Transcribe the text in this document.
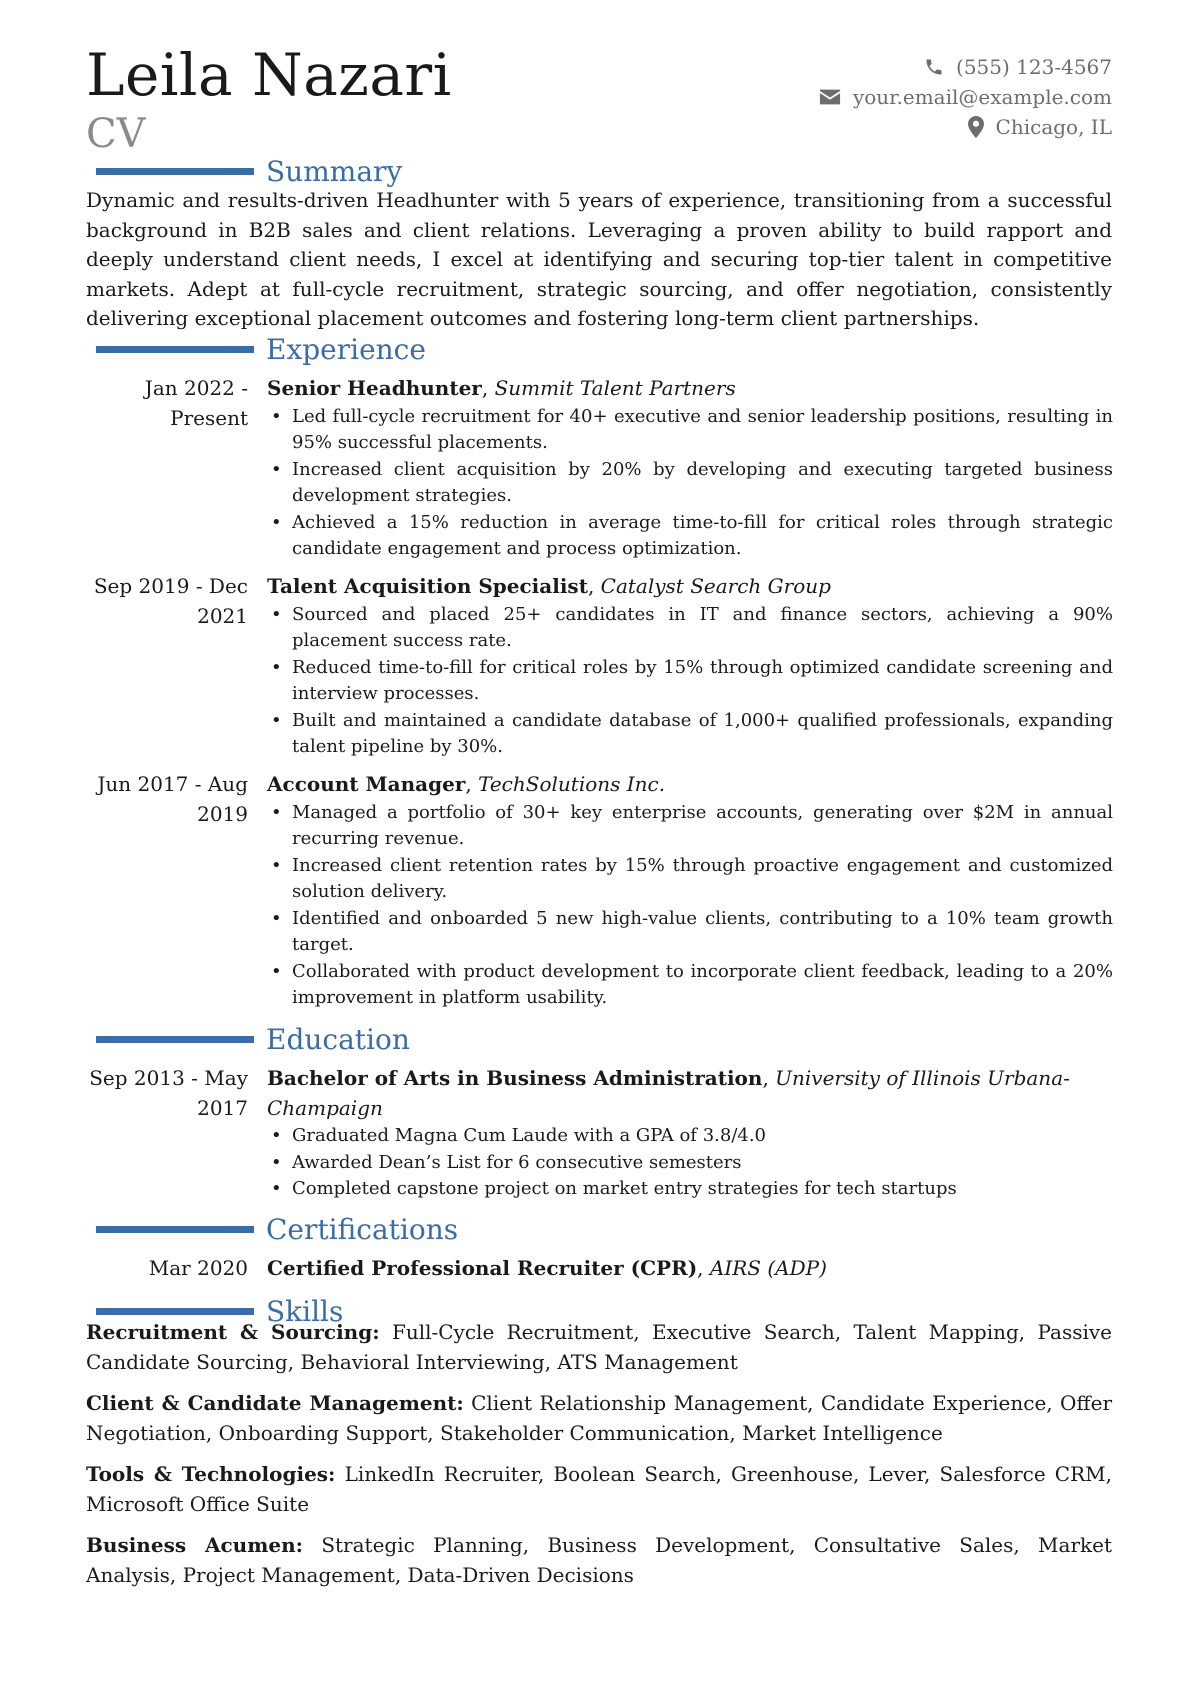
Leila Nazari
CV
(555) 123-4567
your.email@example.com
Chicago, IL
Summary
Dynamic and results-driven Headhunter with 5 years of experience, transitioning from a successful background in B2B sales and client relations. Leveraging a proven ability to build rapport and deeply understand client needs, I excel at identifying and securing top-tier talent in competitive markets. Adept at full-cycle recruitment, strategic sourcing, and offer negotiation, consistently delivering exceptional placement outcomes and fostering long-term client partnerships.
Experience
Jan 2022 - Present
Senior Headhunter, Summit Talent Partners
• Led full-cycle recruitment for 40+ executive and senior leadership positions, resulting in 95% successful placements.
• Increased client acquisition by 20% by developing and executing targeted business development strategies.
• Achieved a 15% reduction in average time-to-fill for critical roles through strategic candidate engagement and process optimization.
Sep 2019 - Dec 2021
Talent Acquisition Specialist, Catalyst Search Group
• Sourced and placed 25+ candidates in IT and finance sectors, achieving a 90% placement success rate.
• Reduced time-to-fill for critical roles by 15% through optimized candidate screening and interview processes.
• Built and maintained a candidate database of 1,000+ qualified professionals, expanding talent pipeline by 30%.
Jun 2017 - Aug 2019
Account Manager, TechSolutions Inc.
• Managed a portfolio of 30+ key enterprise accounts, generating over $2M in annual recurring revenue.
• Increased client retention rates by 15% through proactive engagement and customized solution delivery.
• Identified and onboarded 5 new high-value clients, contributing to a 10% team growth target.
• Collaborated with product development to incorporate client feedback, leading to a 20% improvement in platform usability.
Education
Sep 2013 - May 2017
Bachelor of Arts in Business Administration, University of Illinois Urbana-Champaign
• Graduated Magna Cum Laude with a GPA of 3.8/4.0
• Awarded Dean’s List for 6 consecutive semesters
• Completed capstone project on market entry strategies for tech startups
Certifications
Mar 2020 Certified Professional Recruiter (CPR), AIRS (ADP)
Skills
Recruitment & Sourcing: Full-Cycle Recruitment, Executive Search, Talent Mapping, Passive Candidate Sourcing, Behavioral Interviewing, ATS Management
Client & Candidate Management: Client Relationship Management, Candidate Experience, Offer Negotiation, Onboarding Support, Stakeholder Communication, Market Intelligence
Tools & Technologies: LinkedIn Recruiter, Boolean Search, Greenhouse, Lever, Salesforce CRM, Microsoft Office Suite
Business Acumen: Strategic Planning, Business Development, Consultative Sales, Market Analysis, Project Management, Data-Driven Decisions
